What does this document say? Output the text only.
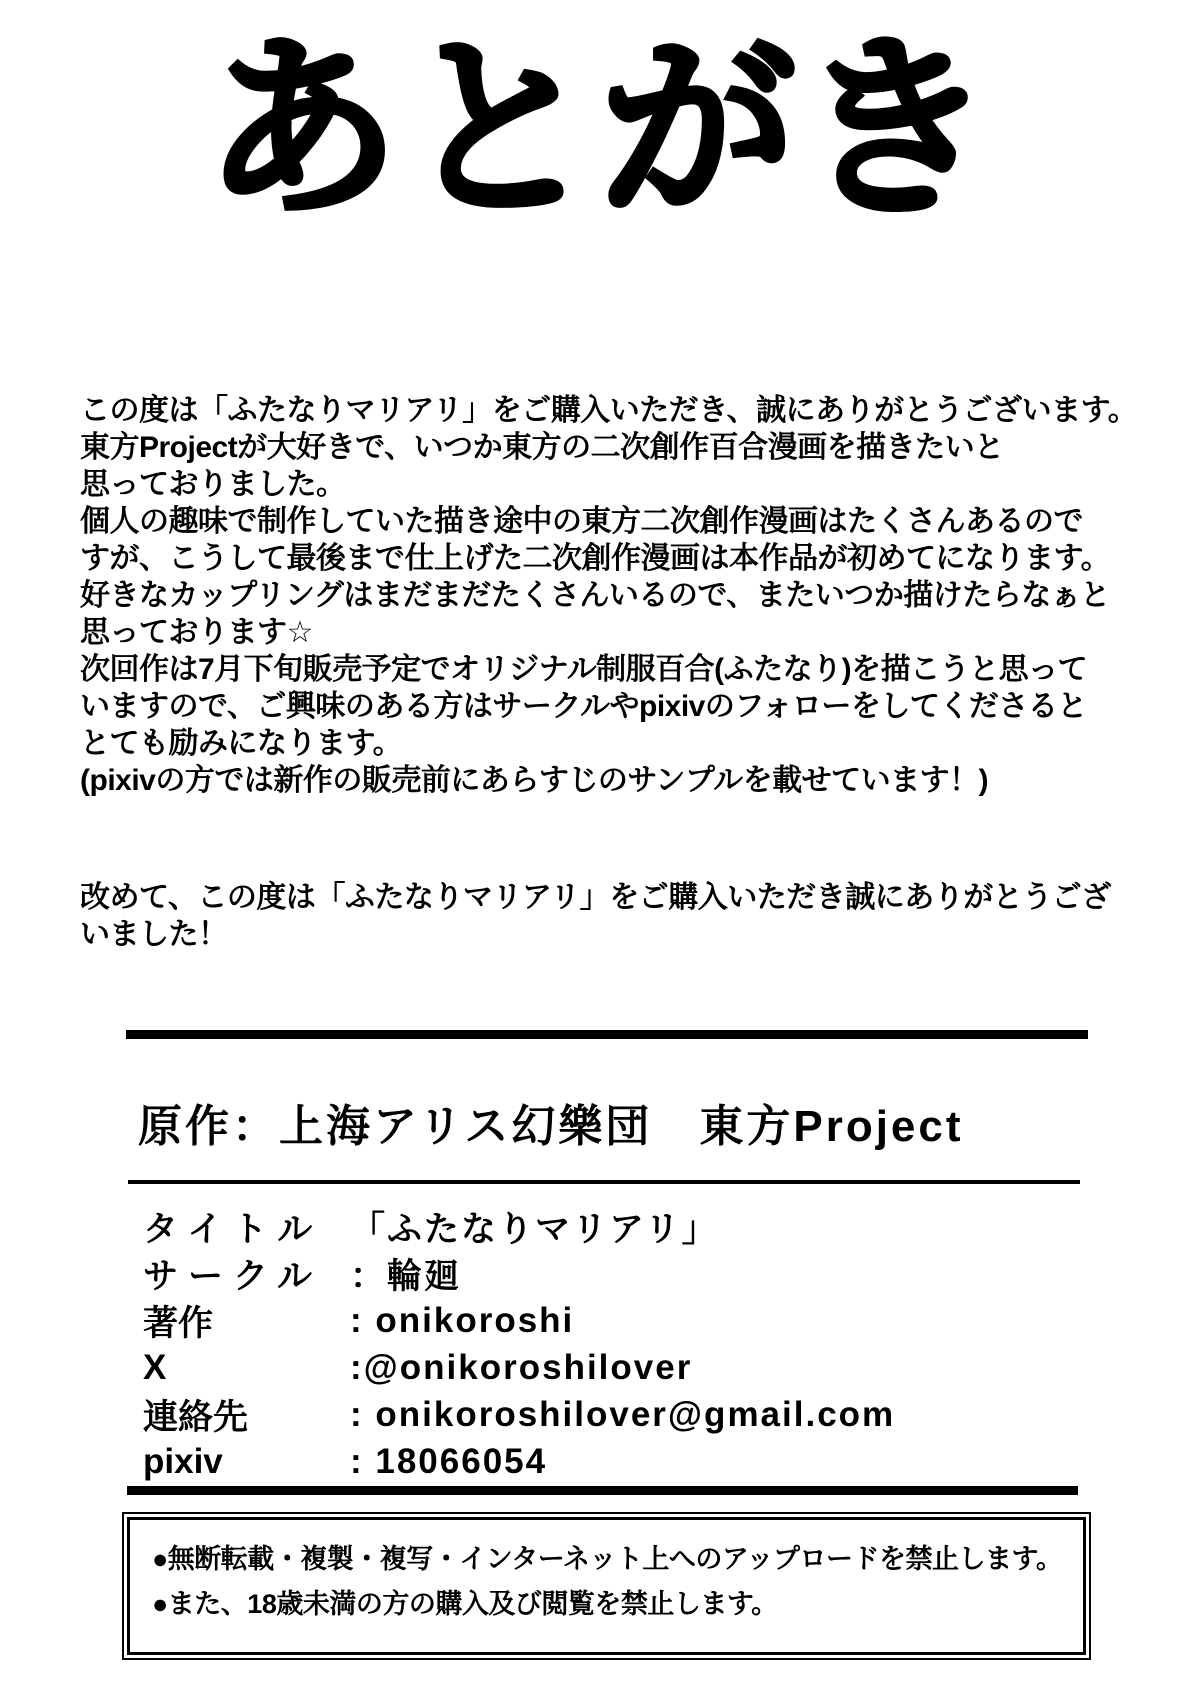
あとがき
この度は「ふたなりマリアリ」をご購入いただき、誠にありがとうございます。
東方Projectが大好きで、いつか東方の二次創作百合漫画を描きたいと
思っておりました。
個人の趣味で制作していた描き途中の東方二次創作漫画はたくさんあるので
すが、こうして最後まで仕上げた二次創作漫画は本作品が初めてになります。
好きなカップリングはまだまだたくさんいるので、またいつか描けたらなぁと
思っております☆
次回作は7月下旬販売予定でオリジナル制服百合(ふたなり)を描こうと思って
いますので、ご興味のある方はサークルやpixivのフォローをしてくださると
とても励みになります。
(pixivの方では新作の販売前にあらすじのサンプルを載せています！)
改めて、この度は「ふたなりマリアリ」をご購入いただき誠にありがとうござ
いました！
原作：上海アリス幻樂団　東方Project
タイトル 「ふたなりマリアリ」
サークル ：輪廻
著作	: onikoroshi
X	:@onikoroshilover
連絡先	: onikoroshilover@gmail.com
pixiv	: 18066054
●無断転載・複製・複写・インターネット上へのアップロードを禁止します。
●また、18歳未満の方の購入及び閲覧を禁止します。
